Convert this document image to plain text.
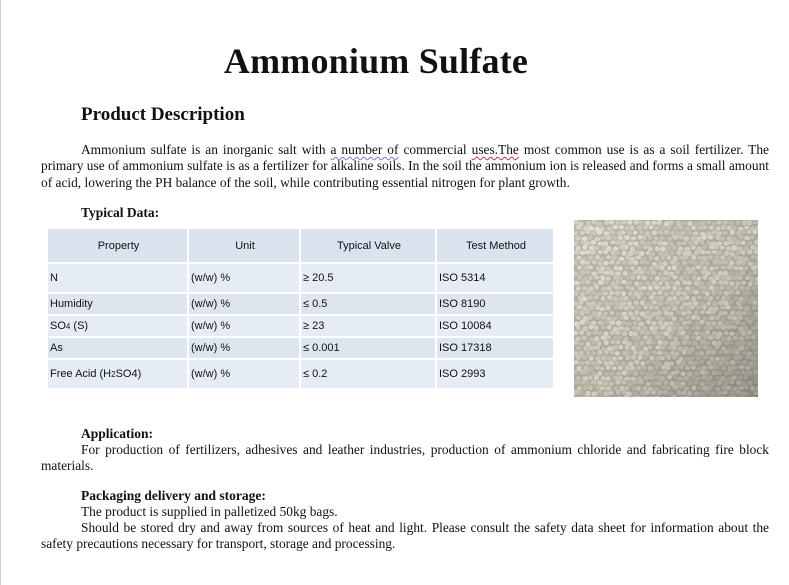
Ammonium Sulfate
Product Description
Ammonium sulfate is an inorganic salt with a number of commercial uses.The most common use is as a soil fertilizer. The primary use of ammonium sulfate is as a fertilizer for alkaline soils. In the soil the ammonium ion is released and forms a small amount of acid, lowering the PH balance of the soil, while contributing essential nitrogen for plant growth.
Typical Data:
Property	Unit	Typical Valve	Test Method
N	(w/w) %	≥ 20.5	ISO 5314
Humidity	(w/w) %	≤ 0.5	ISO 8190
SO4 (S)	(w/w) %	≥ 23	ISO 10084
As	(w/w) %	≤ 0.001	ISO 17318
Free Acid (H2SO4)	(w/w) %	≤ 0.2	ISO 2993
Application:
For production of fertilizers, adhesives and leather industries, production of ammonium chloride and fabricating fire block materials.
Packaging delivery and storage:
The product is supplied in palletized 50kg bags.
Should be stored dry and away from sources of heat and light. Please consult the safety data sheet for information about the safety precautions necessary for transport, storage and processing.
